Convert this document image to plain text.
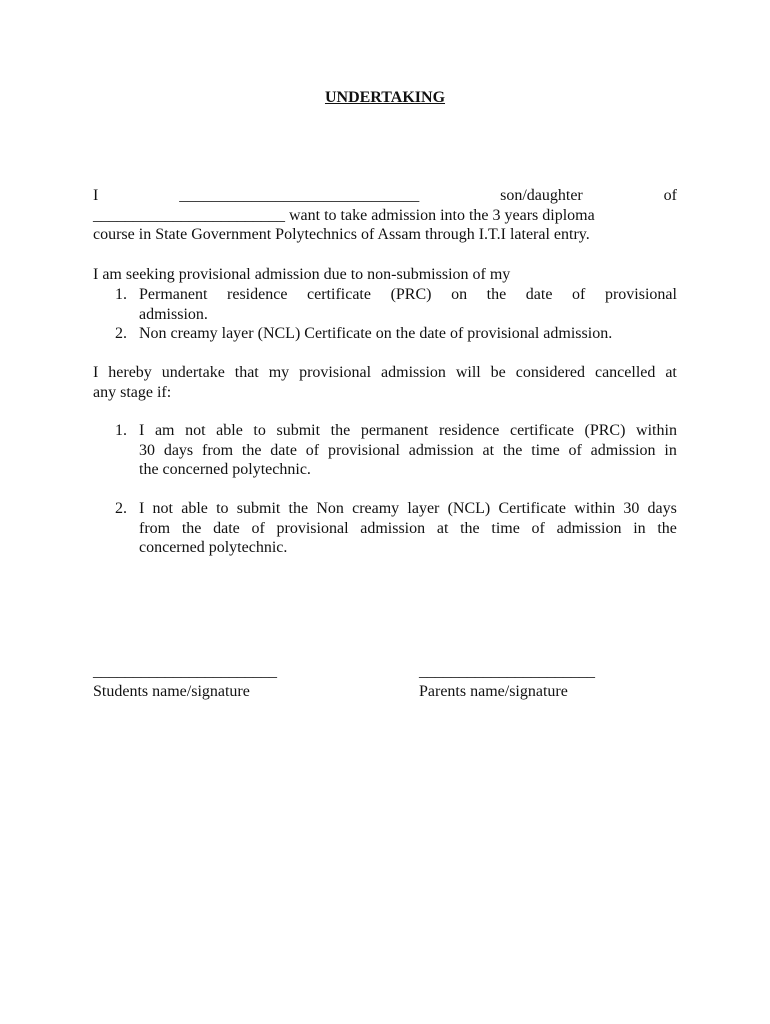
UNDERTAKING
I	______________________________	son/daughter	of
________________________ want to take admission into the 3 years diploma
course in State Government Polytechnics of Assam through I.T.I lateral entry.
I am seeking provisional admission due to non-submission of my
1. Permanent residence certificate (PRC) on the date of provisional
admission.
2. Non creamy layer (NCL) Certificate on the date of provisional admission.
I hereby undertake that my provisional admission will be considered cancelled at
any stage if:
1. I am not able to submit the permanent residence certificate (PRC) within
30 days from the date of provisional admission at the time of admission in
the concerned polytechnic.
2. I not able to submit the Non creamy layer (NCL) Certificate within 30 days
from the date of provisional admission at the time of admission in the
concerned polytechnic.
_______________________
Students name/signature
______________________
Parents name/signature
